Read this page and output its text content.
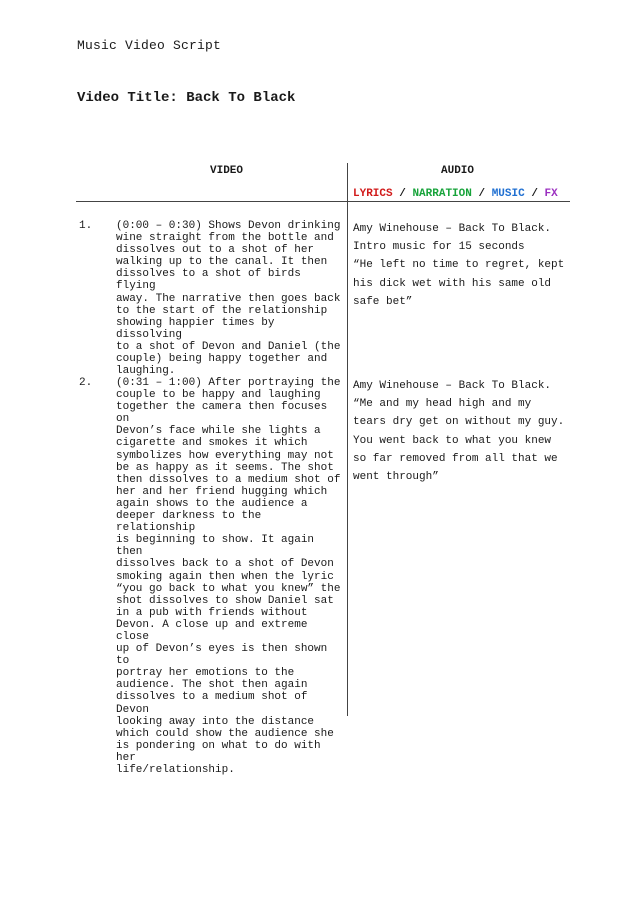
Music Video Script
Video Title: Back To Black
VIDEO	AUDIO
LYRICS / NARRATION / MUSIC / FX
1. (0:00 – 0:30) Shows Devon drinking
wine straight from the bottle and
dissolves out to a shot of her
walking up to the canal. It then
dissolves to a shot of birds flying
away. The narrative then goes back
to the start of the relationship
showing happier times by dissolving
to a shot of Devon and Daniel (the
couple) being happy together and
laughing.
Amy Winehouse – Back To Black.
Intro music for 15 seconds
“He left no time to regret, kept
his dick wet with his same old
safe bet”
2. (0:31 – 1:00) After portraying the
couple to be happy and laughing
together the camera then focuses on
Devon’s face while she lights a
cigarette and smokes it which
symbolizes how everything may not
be as happy as it seems. The shot
then dissolves to a medium shot of
her and her friend hugging which
again shows to the audience a
deeper darkness to the relationship
is beginning to show. It again then
dissolves back to a shot of Devon
smoking again then when the lyric
“you go back to what you knew” the
shot dissolves to show Daniel sat
in a pub with friends without
Devon. A close up and extreme close
up of Devon’s eyes is then shown to
portray her emotions to the
audience. The shot then again
dissolves to a medium shot of Devon
looking away into the distance
which could show the audience she
is pondering on what to do with her
life/relationship.
Amy Winehouse – Back To Black.
“Me and my head high and my
tears dry get on without my guy.
You went back to what you knew
so far removed from all that we
went through”
